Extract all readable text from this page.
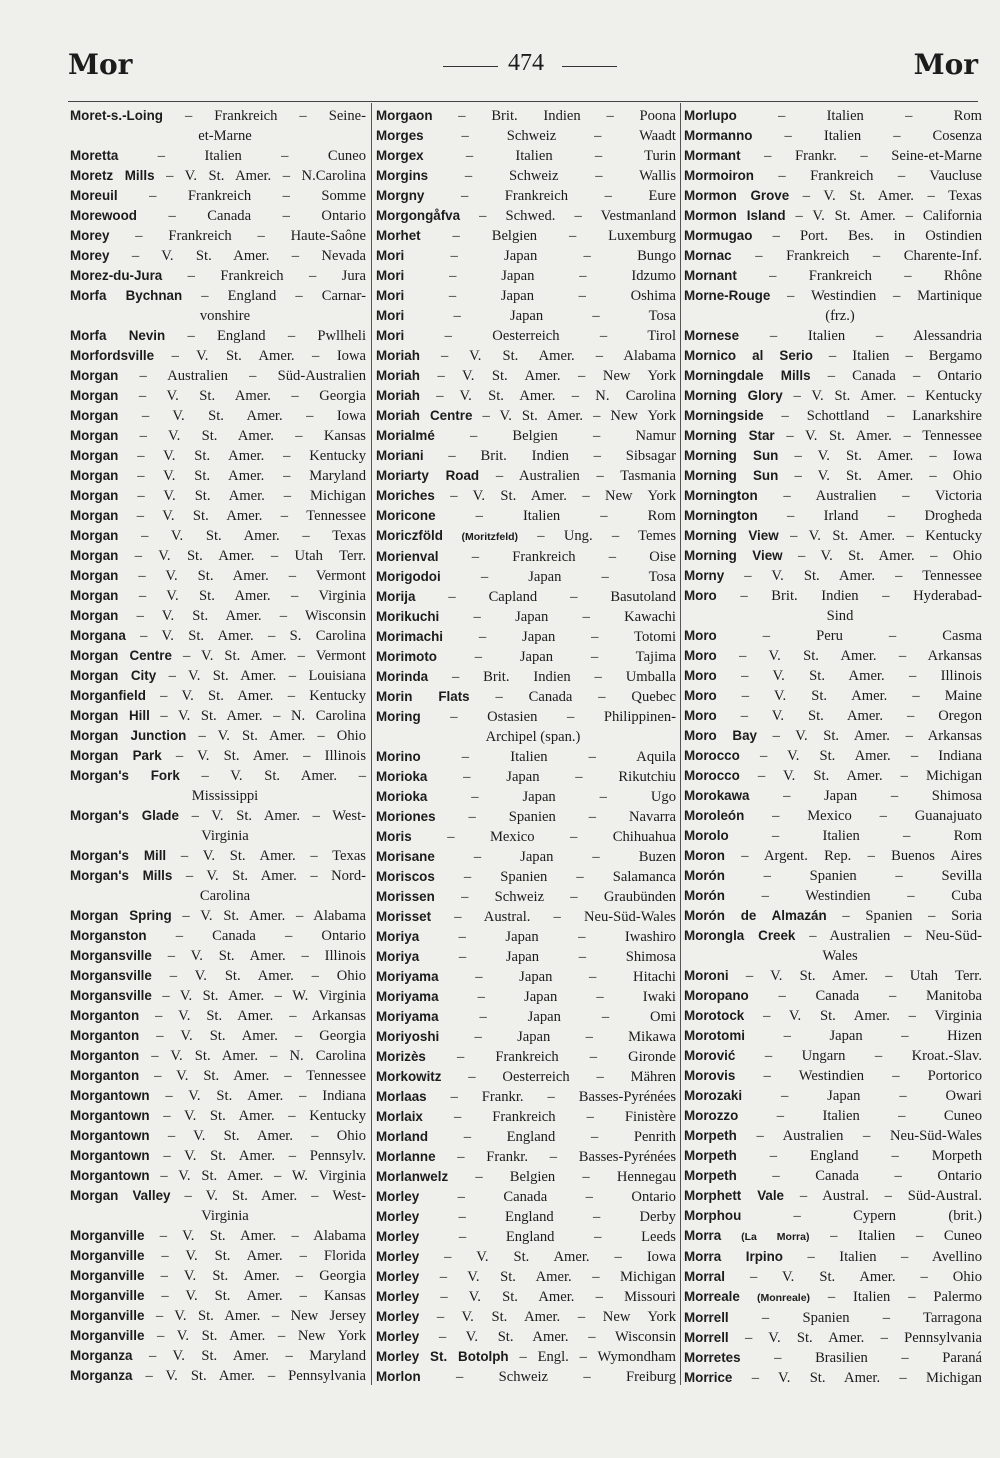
Mor	474	Mor
Moret-s.-Loing – Frankreich – Seine-
et-Marne
Moretta	– Italien – Cuneo
Moretz Mills – V. St. Amer. – N.Carolina
Moreuil – Frankreich – Somme
Morewood – Canada – Ontario
Morey – Frankreich – Haute-Saône
Morey – V. St. Amer. – Nevada
Morez-du-Jura – Frankreich – Jura
Morfa Bychnan – England – Carnar-
vonshire
Morfa Nevin – England – Pwllheli
Morfordsville – V. St. Amer. – Iowa
Morgan – Australien – Süd-Australien
Morgan – V. St. Amer. – Georgia
Morgan – V. St. Amer. – Iowa
Morgan – V. St. Amer. – Kansas
Morgan – V. St. Amer. – Kentucky
Morgan – V. St. Amer. – Maryland
Morgan – V. St. Amer. – Michigan
Morgan – V. St. Amer. – Tennessee
Morgan – V. St. Amer. – Texas
Morgan – V. St. Amer. – Utah Terr.
Morgan – V. St. Amer. – Vermont
Morgan – V. St. Amer. – Virginia
Morgan – V. St. Amer. – Wisconsin
Morgana – V. St. Amer. – S. Carolina
Morgan Centre – V. St. Amer. – Vermont
Morgan City – V. St. Amer. – Louisiana
Morganfield – V. St. Amer. – Kentucky
Morgan Hill – V. St. Amer. – N. Carolina
Morgan Junction – V. St. Amer. – Ohio
Morgan Park – V. St. Amer. – Illinois
Morgan's Fork – V. St. Amer. –
Mississippi
Morgan's Glade – V. St. Amer. – West-
Virginia
Morgan's Mill – V. St. Amer. – Texas
Morgan's Mills – V. St. Amer. – Nord-
Carolina
Morgan Spring – V. St. Amer. – Alabama
Morganston – Canada – Ontario
Morgansville – V. St. Amer. – Illinois
Morgansville – V. St. Amer. – Ohio
Morgansville – V. St. Amer. – W. Virginia
Morganton – V. St. Amer. – Arkansas
Morganton – V. St. Amer. – Georgia
Morganton – V. St. Amer. – N. Carolina
Morganton – V. St. Amer. – Tennessee
Morgantown – V. St. Amer. – Indiana
Morgantown – V. St. Amer. – Kentucky
Morgantown – V. St. Amer. – Ohio
Morgantown – V. St. Amer. – Pennsylv.
Morgantown – V. St. Amer. – W. Virginia
Morgan Valley – V. St. Amer. – West-
Virginia
Morganville – V. St. Amer. – Alabama
Morganville – V. St. Amer. – Florida
Morganville – V. St. Amer. – Georgia
Morganville – V. St. Amer. – Kansas
Morganville – V. St. Amer. – New Jersey
Morganville – V. St. Amer. – New York
Morganza – V. St. Amer. – Maryland
Morganza – V. St. Amer. – Pennsylvania
Morgaon – Brit. Indien – Poona
Morges	– Schweiz – Waadt
Morgex	– Italien – Turin
Morgins	– Schweiz – Wallis
Morgny	– Frankreich – Eure
Morgongåfva – Schwed. – Vestmanland
Morhet – Belgien – Luxemburg
Mori	– Japan – Bungo
Mori	– Japan – Idzumo
Mori	– Japan – Oshima
Mori	– Japan – Tosa
Mori	– Oesterreich – Tirol
Moriah – V. St. Amer. – Alabama
Moriah – V. St. Amer. – New York
Moriah – V. St. Amer. – N. Carolina
Moriah Centre – V. St. Amer. – New York
Morialmé – Belgien – Namur
Moriani – Brit. Indien – Sibsagar
Moriarty Road – Australien – Tasmania
Moriches – V. St. Amer. – New York
Moricone	– Italien – Rom
Moriczföld (Moritzfeld) – Ung. – Temes
Morienval – Frankreich – Oise
Morigodoi	– Japan – Tosa
Morija – Capland – Basutoland
Morikuchi – Japan – Kawachi
Morimachi – Japan – Totomi
Morimoto	– Japan – Tajima
Morinda – Brit. Indien – Umballa
Morin Flats – Canada – Quebec
Moring – Ostasien – Philippinen-
Archipel (span.)
Morino	– Italien – Aquila
Morioka – Japan – Rikutchiu
Morioka	– Japan – Ugo
Moriones – Spanien – Navarra
Moris – Mexico – Chihuahua
Morisane	– Japan – Buzen
Moriscos – Spanien – Salamanca
Morissen – Schweiz – Graubünden
Morisset – Austral. – Neu-Süd-Wales
Moriya	– Japan – Iwashiro
Moriya	– Japan – Shimosa
Moriyama	– Japan – Hitachi
Moriyama	– Japan – Iwaki
Moriyama	– Japan – Omi
Moriyoshi – Japan – Mikawa
Morizès – Frankreich – Gironde
Morkowitz – Oesterreich – Mähren
Morlaas – Frankr. – Basses-Pyrénées
Morlaix – Frankreich – Finistère
Morland – England – Penrith
Morlanne – Frankr. – Basses-Pyrénées
Morlanwelz – Belgien – Hennegau
Morley	– Canada – Ontario
Morley	– England – Derby
Morley	– England – Leeds
Morley – V. St. Amer. – Iowa
Morley – V. St. Amer. – Michigan
Morley – V. St. Amer. – Missouri
Morley – V. St. Amer. – New York
Morley – V. St. Amer. – Wisconsin
Morley St. Botolph – Engl. – Wymondham
Morlon – Schweiz – Freiburg
Morlupo	– Italien – Rom
Mormanno – Italien – Cosenza
Mormant – Frankr. – Seine-et-Marne
Mormoiron – Frankreich – Vaucluse
Mormon Grove – V. St. Amer. – Texas
Mormon Island – V. St. Amer. – California
Mormugao – Port. Bes. in Ostindien
Mornac – Frankreich – Charente-Inf.
Mornant – Frankreich – Rhône
Morne-Rouge – Westindien – Martinique
(frz.)
Mornese – Italien – Alessandria
Mornico al Serio – Italien – Bergamo
Morningdale Mills – Canada – Ontario
Morning Glory – V. St. Amer. – Kentucky
Morningside – Schottland – Lanarkshire
Morning Star – V. St. Amer. – Tennessee
Morning Sun – V. St. Amer. – Iowa
Morning Sun – V. St. Amer. – Ohio
Mornington – Australien – Victoria
Mornington – Irland – Drogheda
Morning View – V. St. Amer. – Kentucky
Morning View – V. St. Amer. – Ohio
Morny – V. St. Amer. – Tennessee
Moro – Brit. Indien – Hyderabad-
Sind
Moro	– Peru – Casma
Moro – V. St. Amer. – Arkansas
Moro – V. St. Amer. – Illinois
Moro – V. St. Amer. – Maine
Moro – V. St. Amer. – Oregon
Moro Bay – V. St. Amer. – Arkansas
Morocco – V. St. Amer. – Indiana
Morocco – V. St. Amer. – Michigan
Morokawa – Japan – Shimosa
Moroleón – Mexico – Guanajuato
Morolo	– Italien – Rom
Moron – Argent. Rep. – Buenos Aires
Morón	– Spanien – Sevilla
Morón	– Westindien – Cuba
Morón de Almazán – Spanien – Soria
Morongla Creek – Australien – Neu-Süd-
Wales
Moroni – V. St. Amer. – Utah Terr.
Moropano – Canada – Manitoba
Morotock – V. St. Amer. – Virginia
Morotomi	– Japan – Hizen
Morović – Ungarn – Kroat.-Slav.
Morovis – Westindien – Portorico
Morozaki	– Japan – Owari
Morozzo	– Italien – Cuneo
Morpeth – Australien – Neu-Süd-Wales
Morpeth – England – Morpeth
Morpeth – Canada – Ontario
Morphett Vale – Austral. – Süd-Austral.
Morphou	– Cypern (brit.)
Morra (La Morra) – Italien – Cuneo
Morra Irpino – Italien – Avellino
Morral – V. St. Amer. – Ohio
Morreale (Monreale) – Italien – Palermo
Morrell – Spanien – Tarragona
Morrell – V. St. Amer. – Pennsylvania
Morretes – Brasilien – Paraná
Morrice – V. St. Amer. – Michigan
